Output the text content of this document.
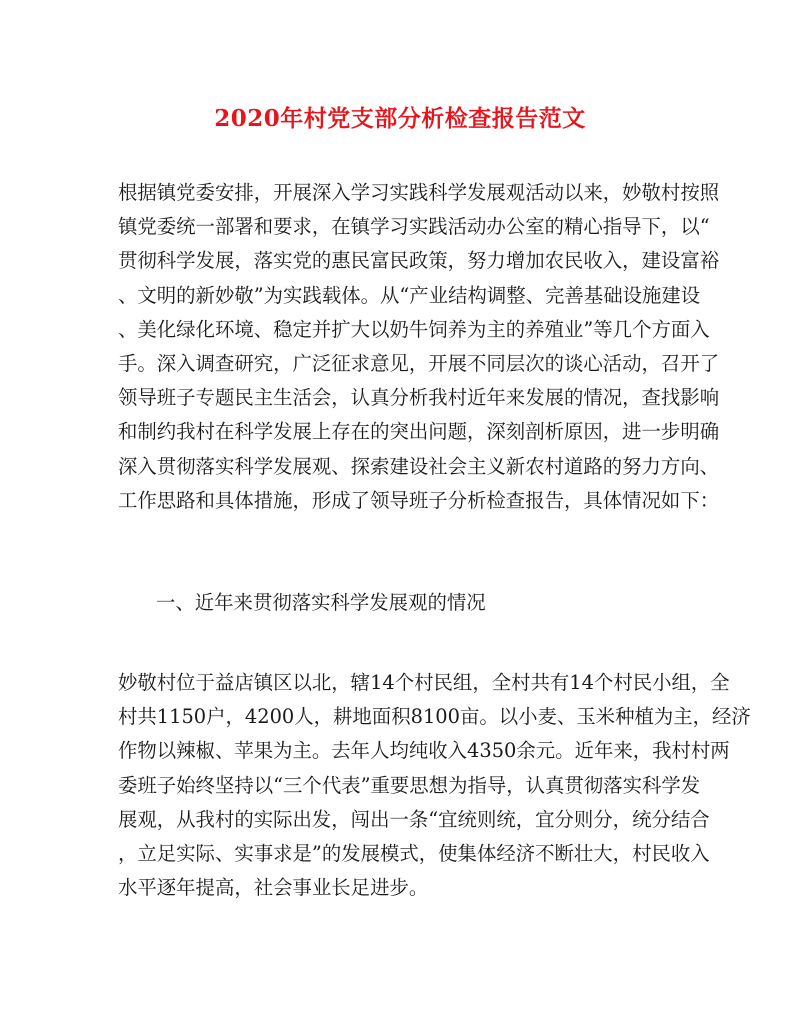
2020年村党支部分析检查报告范文
根据镇党委安排，开展深入学习实践科学发展观活动以来，妙敬村按照
镇党委统一部署和要求，在镇学习实践活动办公室的精心指导下，以“
贯彻科学发展，落实党的惠民富民政策，努力增加农民收入，建设富裕
、文明的新妙敬”为实践载体。从“产业结构调整、完善基础设施建设
、美化绿化环境、稳定并扩大以奶牛饲养为主的养殖业”等几个方面入
手。深入调查研究，广泛征求意见，开展不同层次的谈心活动，召开了
领导班子专题民主生活会，认真分析我村近年来发展的情况，查找影响
和制约我村在科学发展上存在的突出问题，深刻剖析原因，进一步明确
深入贯彻落实科学发展观、探索建设社会主义新农村道路的努力方向、
工作思路和具体措施，形成了领导班子分析检查报告，具体情况如下：
一、近年来贯彻落实科学发展观的情况
妙敬村位于益店镇区以北，辖14个村民组，全村共有14个村民小组，全
村共1150户，4200人，耕地面积8100亩。以小麦、玉米种植为主，经济
作物以辣椒、苹果为主。去年人均纯收入4350余元。近年来，我村村两
委班子始终坚持以“三个代表”重要思想为指导，认真贯彻落实科学发
展观，从我村的实际出发，闯出一条“宜统则统，宜分则分，统分结合
，立足实际、实事求是”的发展模式，使集体经济不断壮大，村民收入
水平逐年提高，社会事业长足进步。
